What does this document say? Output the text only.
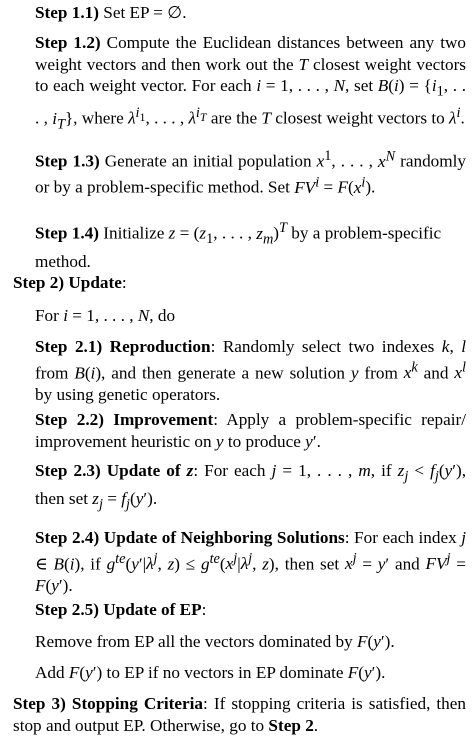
Step 1.1) Set EP = ∅.

Step 1.2) Compute the Euclidean distances between any two weight vectors and then work out the T closest weight vectors to each weight vector. For each i = 1, . . . , N, set $B(i) = \{i_1$, . . . , $i_T$}, where $\lambda^{i_1}$, . . . , $\lambda^{i_T}$ are the T closest weight vectors to $\lambda^i$.

Step 1.3) Generate an initial population $x^1$, . . . , $x^N$ randomly or by a problem-specific method. Set $FV^i = F(x^i)$.

Step 1.4) Initialize $z = (z_1$, . . . , $z_m)^T$ by a problem-specific method.

Step 2) Update:

For i = 1, . . . , N, do

Step 2.1) Reproduction: Randomly select two indexes k, l from B(i), and then generate a new solution y from $x^k$ and $x^l$ by using genetic operators.

Step 2.2) Improvement: Apply a problem-specific repair/ improvement heuristic on y to produce y′.

Step 2.3) Update of z: For each j = 1, . . . , m, if $z_j < f_j(y')$, then set $z_j = f_j(y')$.

Step 2.4) Update of Neighboring Solutions: For each index j ∈ B(i), if $g^{te}(y'|\lambda^j$, $z) \le g^{te}(x^j|\lambda^j$, z), then set $x^j = y'$ and $FV^j = F(y')$.

Step 2.5) Update of EP:

Remove from EP all the vectors dominated by F(y′).

Add F(y′) to EP if no vectors in EP dominate F(y′).

Step 3) Stopping Criteria: If stopping criteria is satisfied, then stop and output EP. Otherwise, go to Step 2.
